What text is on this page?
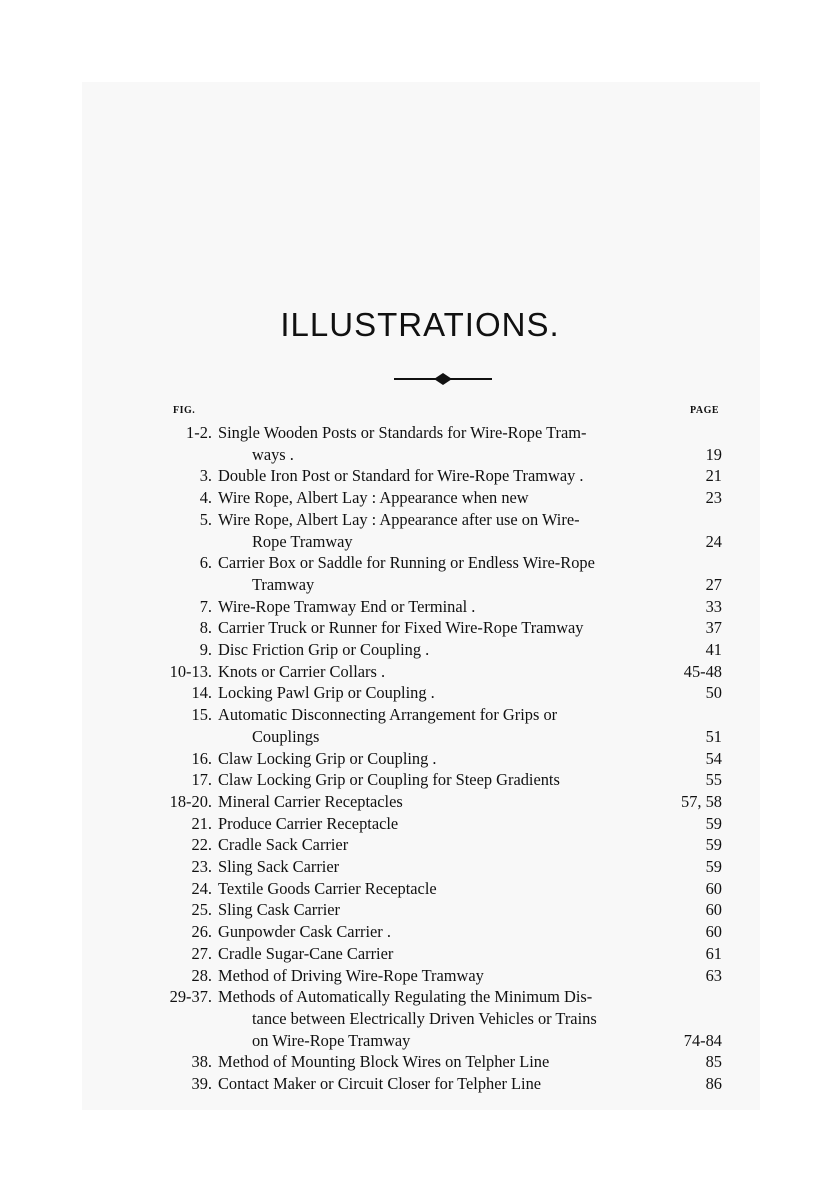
ILLUSTRATIONS.
FIG.	PAGE
1-2. Single Wooden Posts or Standards for Wire-Rope Tram-
ways .	19
3. Double Iron Post or Standard for Wire-Rope Tramway .	21
4. Wire Rope, Albert Lay : Appearance when new	23
5. Wire Rope, Albert Lay : Appearance after use on Wire-
Rope Tramway	24
6. Carrier Box or Saddle for Running or Endless Wire-Rope
Tramway	27
7. Wire-Rope Tramway End or Terminal .	33
8. Carrier Truck or Runner for Fixed Wire-Rope Tramway	37
9. Disc Friction Grip or Coupling .	41
10-13. Knots or Carrier Collars .	45-48
14. Locking Pawl Grip or Coupling .	50
15. Automatic Disconnecting Arrangement for Grips or
Couplings	51
16. Claw Locking Grip or Coupling .	54
17. Claw Locking Grip or Coupling for Steep Gradients	55
18-20. Mineral Carrier Receptacles	57, 58
21. Produce Carrier Receptacle	59
22. Cradle Sack Carrier	59
23. Sling Sack Carrier	59
24. Textile Goods Carrier Receptacle	60
25. Sling Cask Carrier	60
26. Gunpowder Cask Carrier .	60
27. Cradle Sugar-Cane Carrier	61
28. Method of Driving Wire-Rope Tramway	63
29-37. Methods of Automatically Regulating the Minimum Dis-
tance between Electrically Driven Vehicles or Trains
on Wire-Rope Tramway	74-84
38. Method of Mounting Block Wires on Telpher Line	85
39. Contact Maker or Circuit Closer for Telpher Line	86
